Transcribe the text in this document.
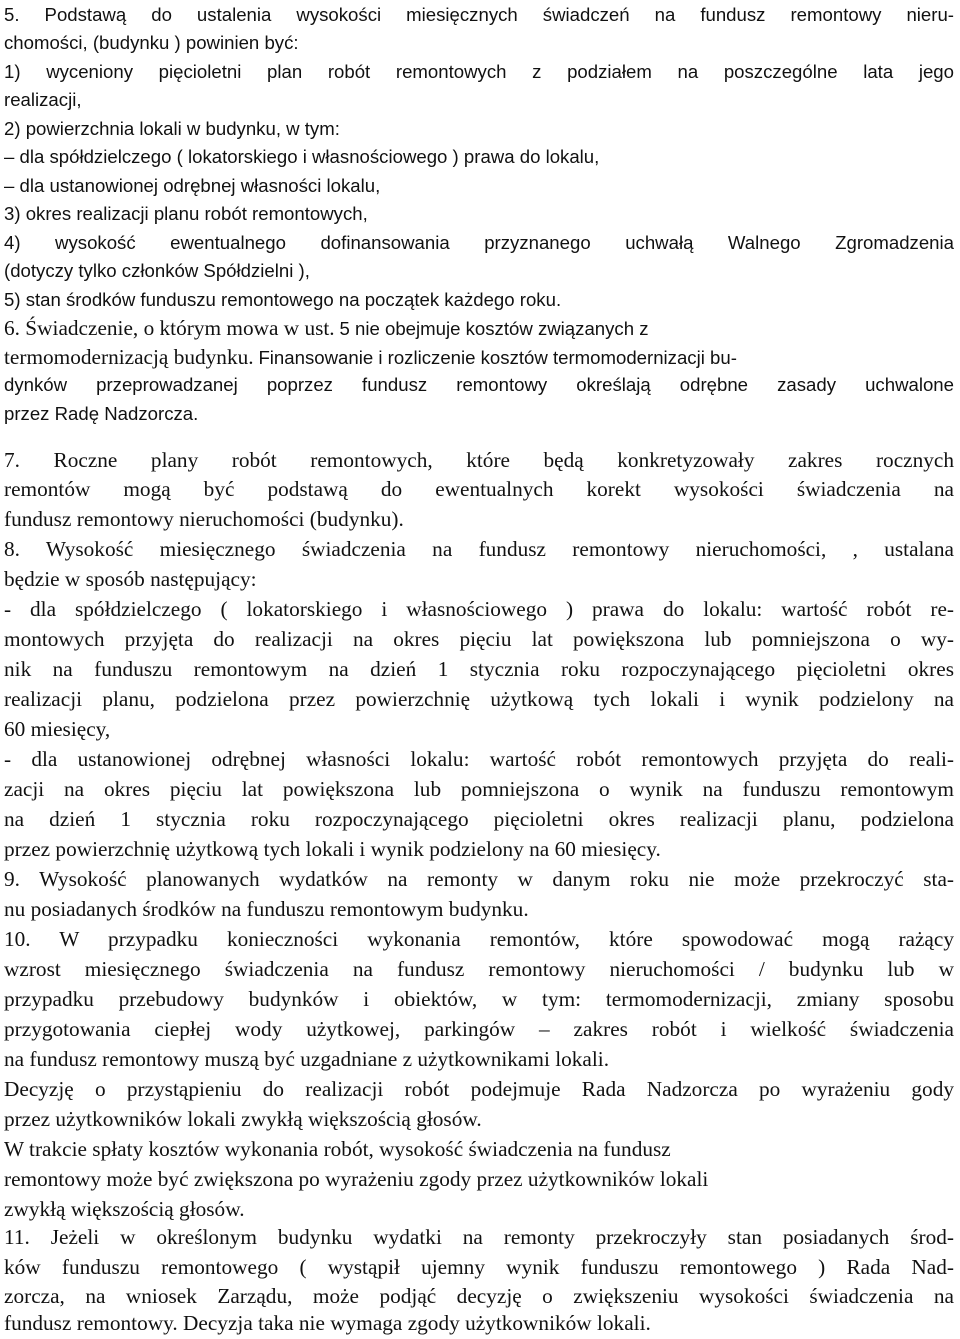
5. Podstawą do ustalenia wysokości miesięcznych świadczeń na fundusz remontowy nieru-
chomości, (budynku ) powinien być:
1) wyceniony pięcioletni plan robót remontowych z podziałem na poszczególne lata jego
realizacji,
2) powierzchnia lokali w budynku, w tym:
– dla spółdzielczego ( lokatorskiego i własnościowego ) prawa do lokalu,
– dla ustanowionej odrębnej własności lokalu,
3) okres realizacji planu robót remontowych,
4) wysokość ewentualnego dofinansowania przyznanego uchwałą Walnego Zgromadzenia
(dotyczy tylko członków Spółdzielni ),
5) stan środków funduszu remontowego na początek każdego roku.
6. Świadczenie, o którym mowa w ust. 5 nie obejmuje kosztów związanych z
termomodernizacją budynku. Finansowanie i rozliczenie kosztów termomodernizacji bu-
dynków przeprowadzanej poprzez fundusz remontowy określają odrębne zasady uchwalone
przez Radę Nadzorcza.
7. Roczne plany robót remontowych, które będą konkretyzowały zakres rocznych
remontów mogą być podstawą do ewentualnych korekt wysokości świadczenia na
fundusz remontowy nieruchomości (budynku).
8. Wysokość miesięcznego świadczenia na fundusz remontowy nieruchomości, , ustalana
będzie w sposób następujący:
- dla spółdzielczego ( lokatorskiego i własnościowego ) prawa do lokalu: wartość robót re-
montowych przyjęta do realizacji na okres pięciu lat powiększona lub pomniejszona o wy-
nik na funduszu remontowym na dzień 1 stycznia roku rozpoczynającego pięcioletni okres
realizacji planu, podzielona przez powierzchnię użytkową tych lokali i wynik podzielony na
60 miesięcy,
- dla ustanowionej odrębnej własności lokalu: wartość robót remontowych przyjęta do reali-
zacji na okres pięciu lat powiększona lub pomniejszona o wynik na funduszu remontowym
na dzień 1 stycznia roku rozpoczynającego pięcioletni okres realizacji planu, podzielona
przez powierzchnię użytkową tych lokali i wynik podzielony na 60 miesięcy.
9. Wysokość planowanych wydatków na remonty w danym roku nie może przekroczyć sta-
nu posiadanych środków na funduszu remontowym budynku.
10. W przypadku konieczności wykonania remontów, które spowodować mogą rażący
wzrost miesięcznego świadczenia na fundusz remontowy nieruchomości / budynku lub w
przypadku przebudowy budynków i obiektów, w tym: termomodernizacji, zmiany sposobu
przygotowania ciepłej wody użytkowej, parkingów – zakres robót i wielkość świadczenia
na fundusz remontowy muszą być uzgadniane z użytkownikami lokali.
Decyzję o przystąpieniu do realizacji robót podejmuje Rada Nadzorcza po wyrażeniu gody
przez użytkowników lokali zwykłą większością głosów.
W trakcie spłaty kosztów wykonania robót, wysokość świadczenia na fundusz
remontowy może być zwiększona po wyrażeniu zgody przez użytkowników lokali
zwykłą większością głosów.
11. Jeżeli w określonym budynku wydatki na remonty przekroczyły stan posiadanych środ-
ków funduszu remontowego ( wystąpił ujemny wynik funduszu remontowego ) Rada Nad-
zorcza, na wniosek Zarządu, może podjąć decyzję o zwiększeniu wysokości świadczenia na
fundusz remontowy. Decyzja taka nie wymaga zgody użytkowników lokali.
